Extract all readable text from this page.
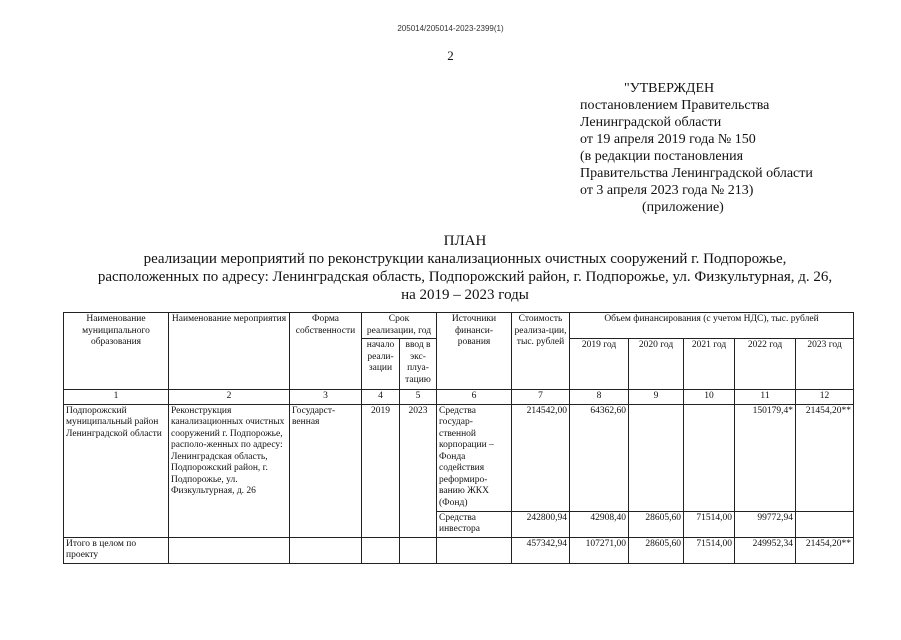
205014/205014-2023-2399(1)
2
"УТВЕРЖДЕН
постановлением Правительства
Ленинградской области
от 19 апреля 2019 года № 150
(в редакции постановления
Правительства Ленинградской области
от 3 апреля 2023 года № 213)
(приложение)
ПЛАН
реализации мероприятий по реконструкции канализационных очистных сооружений г. Подпорожье,
расположенных по адресу: Ленинградская область, Подпорожский район, г. Подпорожье, ул. Физкультурная, д. 26,
на 2019 – 2023 годы
Наименование муниципального образования	Наименование мероприятия	Форма собственности	Срок реализации, год		Источники финанси-рования	Стоимость реализа-ции, тыс. рублей	Объем финансирования (с учетом НДС), тыс. рублей				
			начало реали-зации	ввод в экс-плуа-тацию			2019 год	2020 год	2021 год	2022 год	2023 год
1	2	3	4	5	6	7	8	9	10	11	12
Подпорожский муниципальный район Ленинградской области	Реконструкция канализационных очистных сооружений г. Подпорожье, располо-женных по адресу: Ленинградская область, Подпорожский район, г. Подпорожье, ул. Физкультурная, д. 26	Государст-венная	2019	2023	Средства государ-ственной корпорации – Фонда содействия реформиро-ванию ЖКХ (Фонд)	214542,00	64362,60			150179,4*	21454,20**
					Средства инвестора	242800,94	42908,40	28605,60	71514,00	99772,94	
Итого в целом по проекту						457342,94	107271,00	28605,60	71514,00	249952,34	21454,20**
